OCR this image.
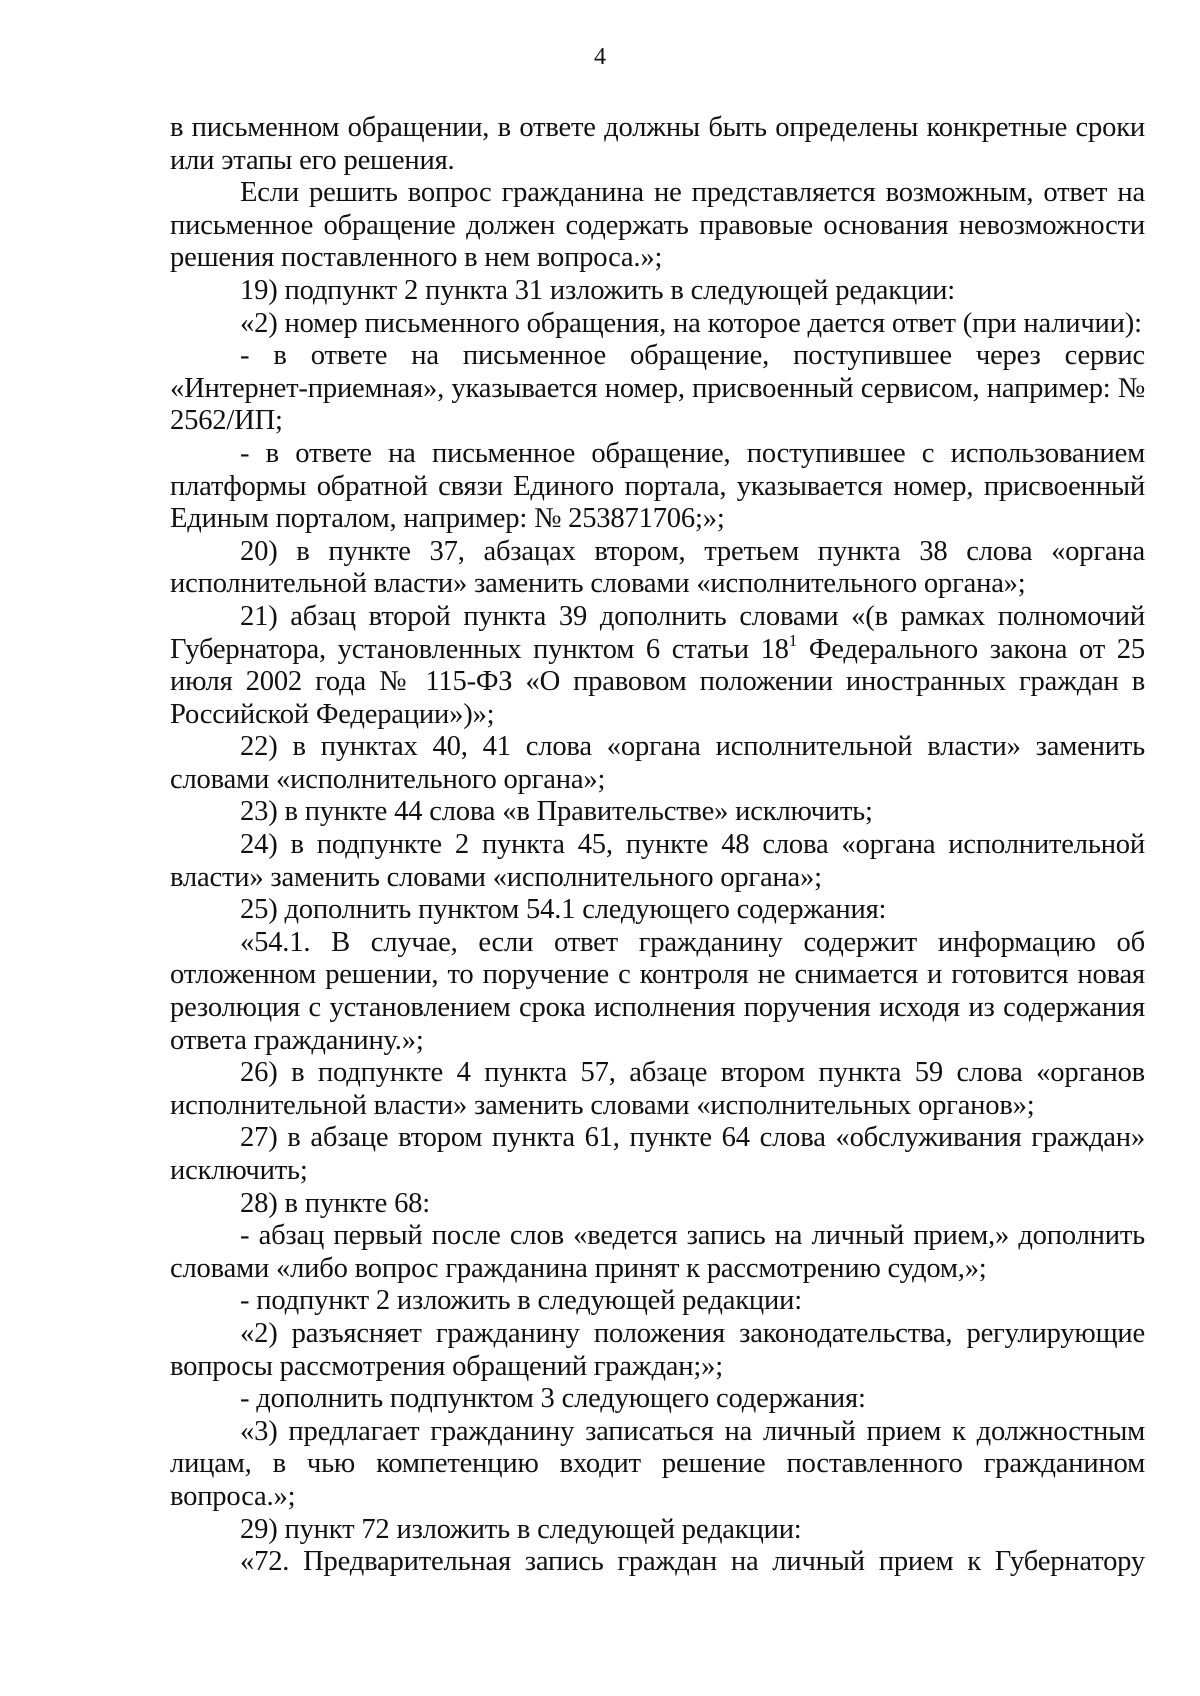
4

в письменном обращении, в ответе должны быть определены конкретные сроки или этапы его решения.

Если решить вопрос гражданина не представляется возможным, ответ на письменное обращение должен содержать правовые основания невозможности решения поставленного в нем вопроса.»;

19) подпункт 2 пункта 31 изложить в следующей редакции:

«2) номер письменного обращения, на которое дается ответ (при наличии):

- в ответе на письменное обращение, поступившее через сервис «Интернет-приемная», указывается номер, присвоенный сервисом, например: № 2562/ИП;

- в ответе на письменное обращение, поступившее с использованием платформы обратной связи Единого портала, указывается номер, присвоенный Единым порталом, например: № 253871706;»;

20) в пункте 37, абзацах втором, третьем пункта 38 слова «органа исполнительной власти» заменить словами «исполнительного органа»;

21) абзац второй пункта 39 дополнить словами «(в рамках полномочий Губернатора, установленных пунктом 6 статьи $18^1$ Федерального закона от 25 июля 2002 года № 115-ФЗ «О правовом положении иностранных граждан в Российской Федерации»)»;

22) в пунктах 40, 41 слова «органа исполнительной власти» заменить словами «исполнительного органа»;

23) в пункте 44 слова «в Правительстве» исключить;

24) в подпункте 2 пункта 45, пункте 48 слова «органа исполнительной власти» заменить словами «исполнительного органа»;

25) дополнить пунктом 54.1 следующего содержания:

«54.1. В случае, если ответ гражданину содержит информацию об отложенном решении, то поручение с контроля не снимается и готовится новая резолюция с установлением срока исполнения поручения исходя из содержания ответа гражданину.»;

26) в подпункте 4 пункта 57, абзаце втором пункта 59 слова «органов исполнительной власти» заменить словами «исполнительных органов»;

27) в абзаце втором пункта 61, пункте 64 слова «обслуживания граждан» исключить;

28) в пункте 68:

- абзац первый после слов «ведется запись на личный прием,» дополнить словами «либо вопрос гражданина принят к рассмотрению судом,»;

- подпункт 2 изложить в следующей редакции:

«2) разъясняет гражданину положения законодательства, регулирующие вопросы рассмотрения обращений граждан;»;

- дополнить подпунктом 3 следующего содержания:

«3) предлагает гражданину записаться на личный прием к должностным лицам, в чью компетенцию входит решение поставленного гражданином вопроса.»;

29) пункт 72 изложить в следующей редакции:

«72. Предварительная запись граждан на личный прием к Губернатору
